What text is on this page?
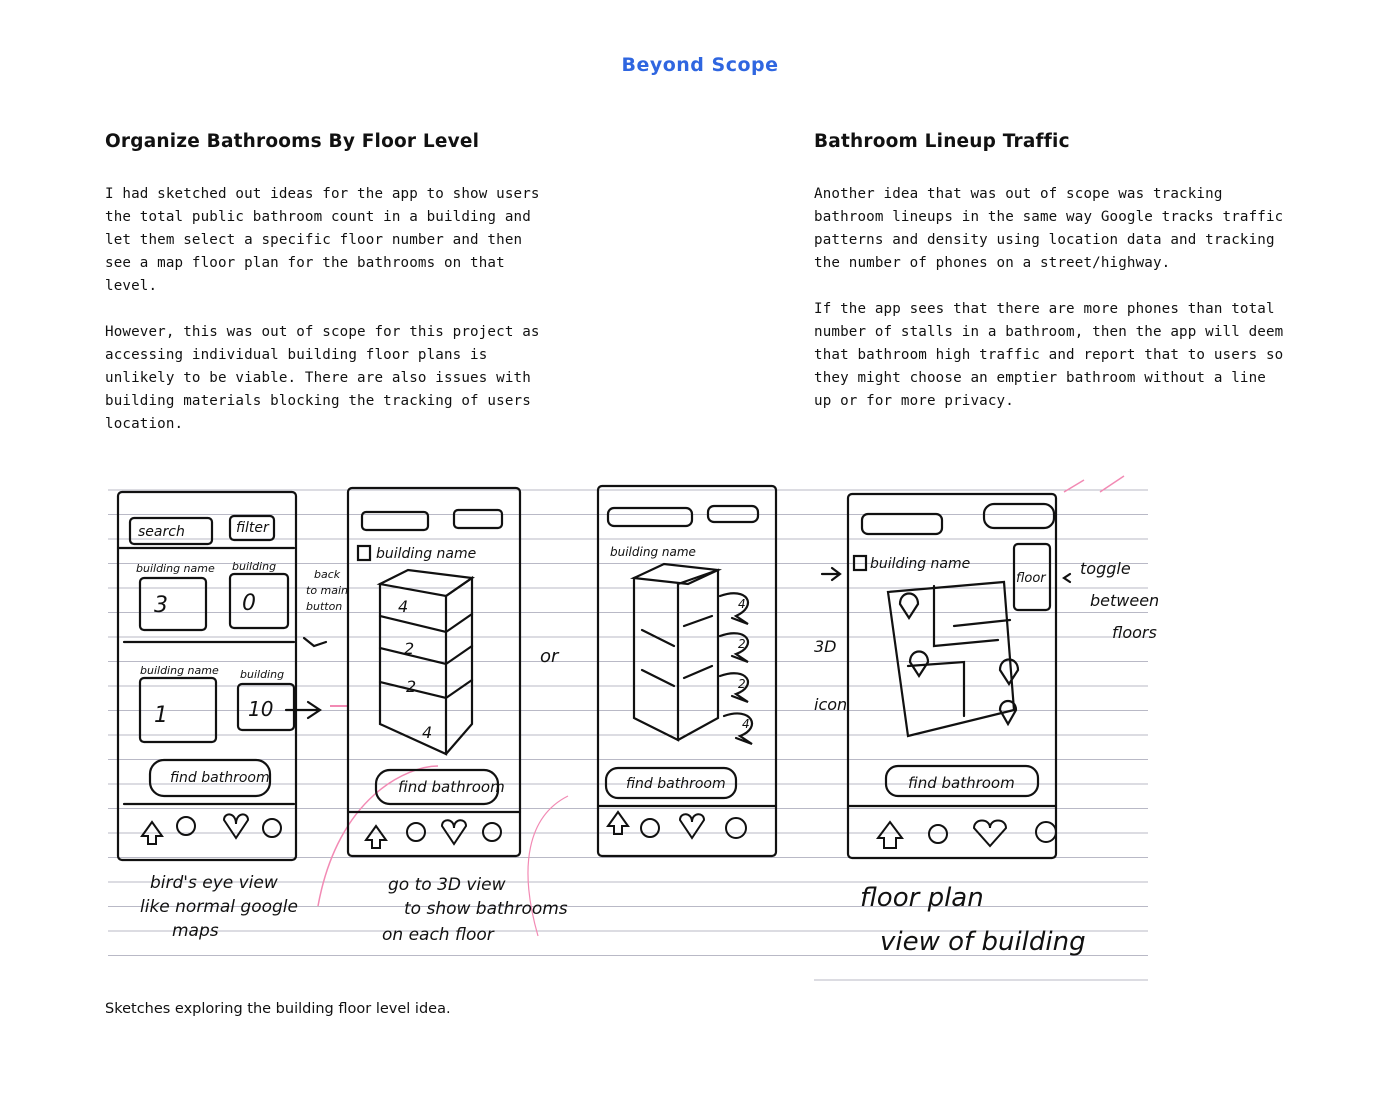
Beyond Scope
Organize Bathrooms By Floor Level

I had sketched out ideas for the app to show users the total public bathroom count in a building and let them select a specific floor number and then see a map floor plan for the bathrooms on that level.

However, this was out of scope for this project as accessing individual building floor plans is unlikely to be viable. There are also issues with building materials blocking the tracking of users location.

Bathroom Lineup Traffic

Another idea that was out of scope was tracking bathroom lineups in the same way Google tracks traffic patterns and density using location data and tracking the number of phones on a street/highway.

If the app sees that there are more phones than total number of stalls in a bathroom, then the app will deem that bathroom high traffic and report that to users so they might choose an emptier bathroom without a line up or for more privacy.

search	filter
building name building
3	0
building name building
1	10
find bathroom
bird's eye view
like normal google
maps
back
to main
button
building name
4
2
2
4
find bathroom
go to 3D view
to show bathrooms
on each floor
or
building name
4
2
2
4
find bathroom
building name
floor
toggle
between
floors
3D
icon
find bathroom
floor plan
view of building
Sketches exploring the building floor level idea.
